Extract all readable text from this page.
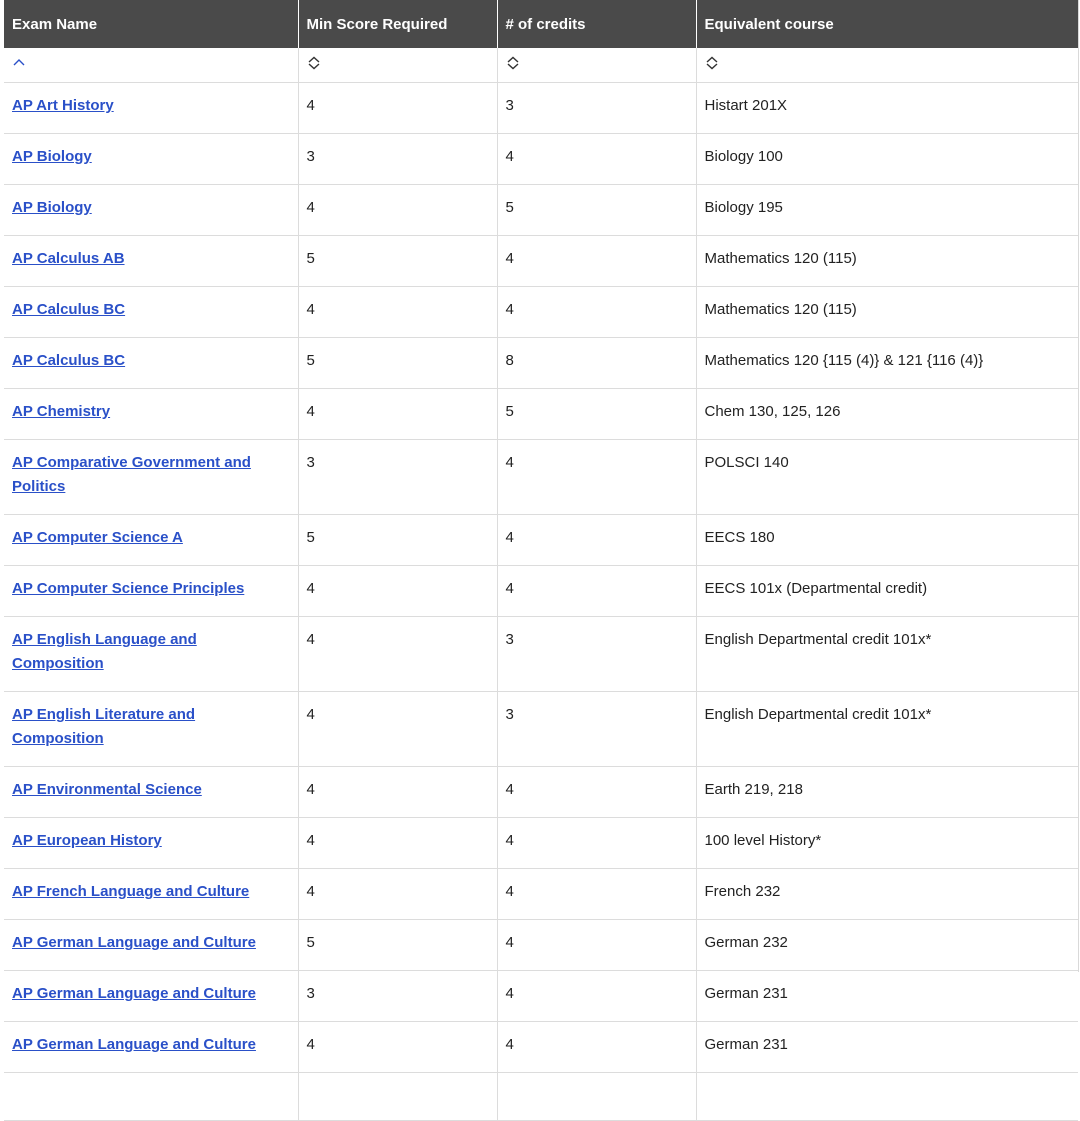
Exam Name	Min Score Required	# of credits	Equivalent course

AP Art History	4	3	Histart 201X

AP Biology	3	4	Biology 100

AP Biology	4	5	Biology 195

AP Calculus AB	5	4	Mathematics 120 (115)

AP Calculus BC	4	4	Mathematics 120 (115)

AP Calculus BC	5	8	Mathematics 120 {115 (4)} & 121 {116 (4)}

AP Chemistry	4	5	Chem 130, 125, 126

AP Comparative Government and Politics	3	4	POLSCI 140

AP Computer Science A	5	4	EECS 180

AP Computer Science Principles	4	4	EECS 101x (Departmental credit)

AP English Language and Composition	4	3	English Departmental credit 101x*

AP English Literature and Composition	4	3	English Departmental credit 101x*

AP Environmental Science	4	4	Earth 219, 218

AP European History	4	4	100 level History*

AP French Language and Culture	4	4	French 232

AP German Language and Culture	5	4	German 232

AP German Language and Culture	3	4	German 231

AP German Language and Culture	4	4	German 231
